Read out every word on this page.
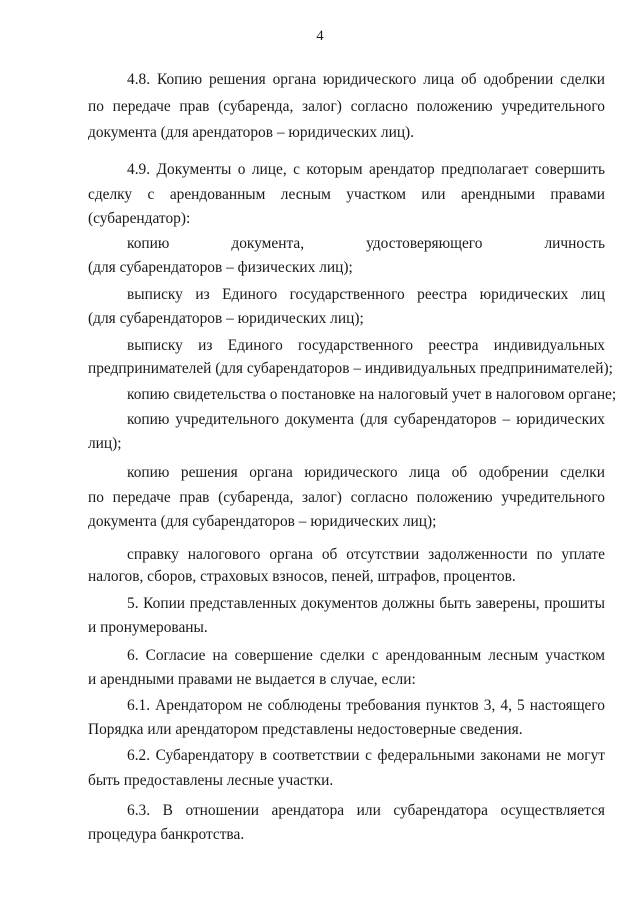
4
4.8. Копию решения органа юридического лица об одобрении сделки
по передаче прав (субаренда, залог) согласно положению учредительного
документа (для арендаторов – юридических лиц).
4.9. Документы о лице, с которым арендатор предполагает совершить
сделку с арендованным лесным участком или арендными правами
(субарендатор):
копию документа, удостоверяющего личность
(для субарендаторов – физических лиц);
выписку из Единого государственного реестра юридических лиц
(для субарендаторов – юридических лиц);
выписку из Единого государственного реестра индивидуальных
предпринимателей (для субарендаторов – индивидуальных предпринимателей);
копию свидетельства о постановке на налоговый учет в налоговом органе;
копию учредительного документа (для субарендаторов – юридических
лиц);
копию решения органа юридического лица об одобрении сделки
по передаче прав (субаренда, залог) согласно положению учредительного
документа (для субарендаторов – юридических лиц);
справку налогового органа об отсутствии задолженности по уплате
налогов, сборов, страховых взносов, пеней, штрафов, процентов.
5. Копии представленных документов должны быть заверены, прошиты
и пронумерованы.
6. Согласие на совершение сделки с арендованным лесным участком
и арендными правами не выдается в случае, если:
6.1. Арендатором не соблюдены требования пунктов 3, 4, 5 настоящего
Порядка или арендатором представлены недостоверные сведения.
6.2. Субарендатору в соответствии с федеральными законами не могут
быть предоставлены лесные участки.
6.3. В отношении арендатора или субарендатора осуществляется
процедура банкротства.
